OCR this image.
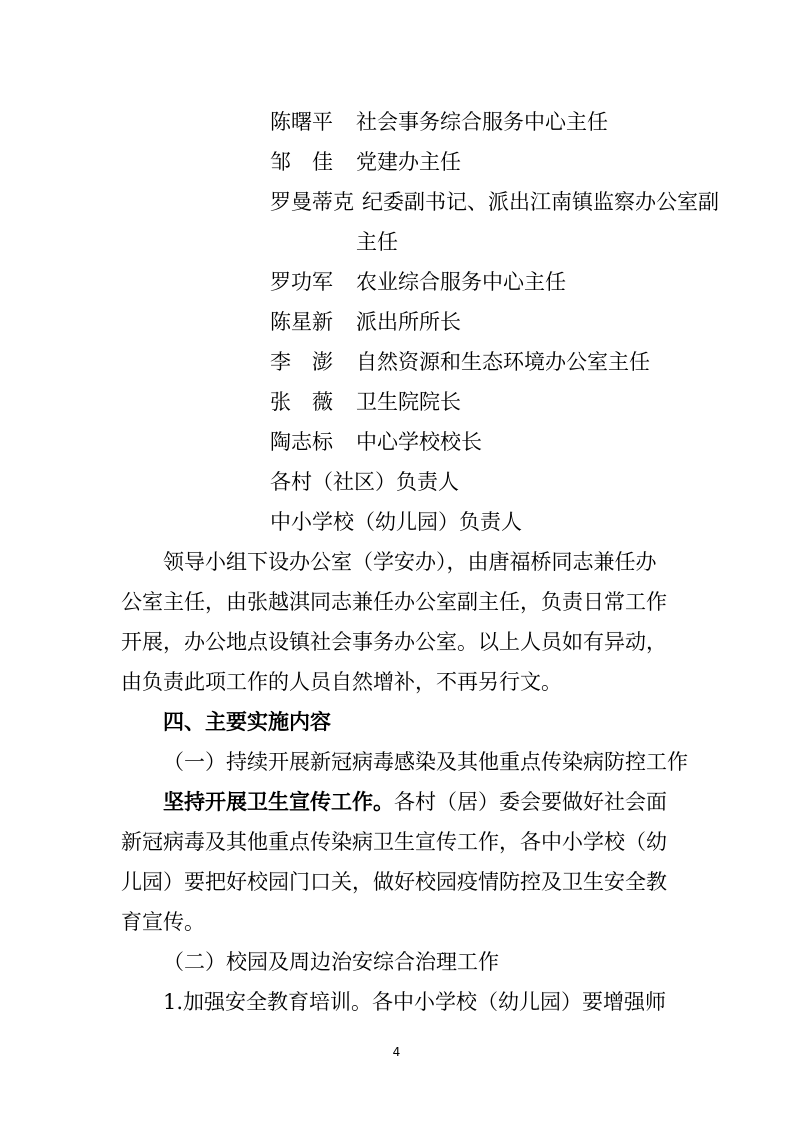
陈曙平 社会事务综合服务中心主任
邹　佳 党建办主任
罗曼蒂克 纪委副书记、派出江南镇监察办公室副
主任
罗功军 农业综合服务中心主任
陈星新 派出所所长
李　澎 自然资源和生态环境办公室主任
张　薇 卫生院院长
陶志标 中心学校校长
各村（社区）负责人
中小学校（幼儿园）负责人
领导小组下设办公室（学安办），由唐福桥同志兼任办
公室主任，由张越淇同志兼任办公室副主任，负责日常工作
开展，办公地点设镇社会事务办公室。以上人员如有异动，
由负责此项工作的人员自然增补，不再另行文。
四、主要实施内容
（一）持续开展新冠病毒感染及其他重点传染病防控工作
坚持开展卫生宣传工作。各村（居）委会要做好社会面
新冠病毒及其他重点传染病卫生宣传工作，各中小学校（幼
儿园）要把好校园门口关，做好校园疫情防控及卫生安全教
育宣传。
（二）校园及周边治安综合治理工作
1.加强安全教育培训。各中小学校（幼儿园）要增强师
4
